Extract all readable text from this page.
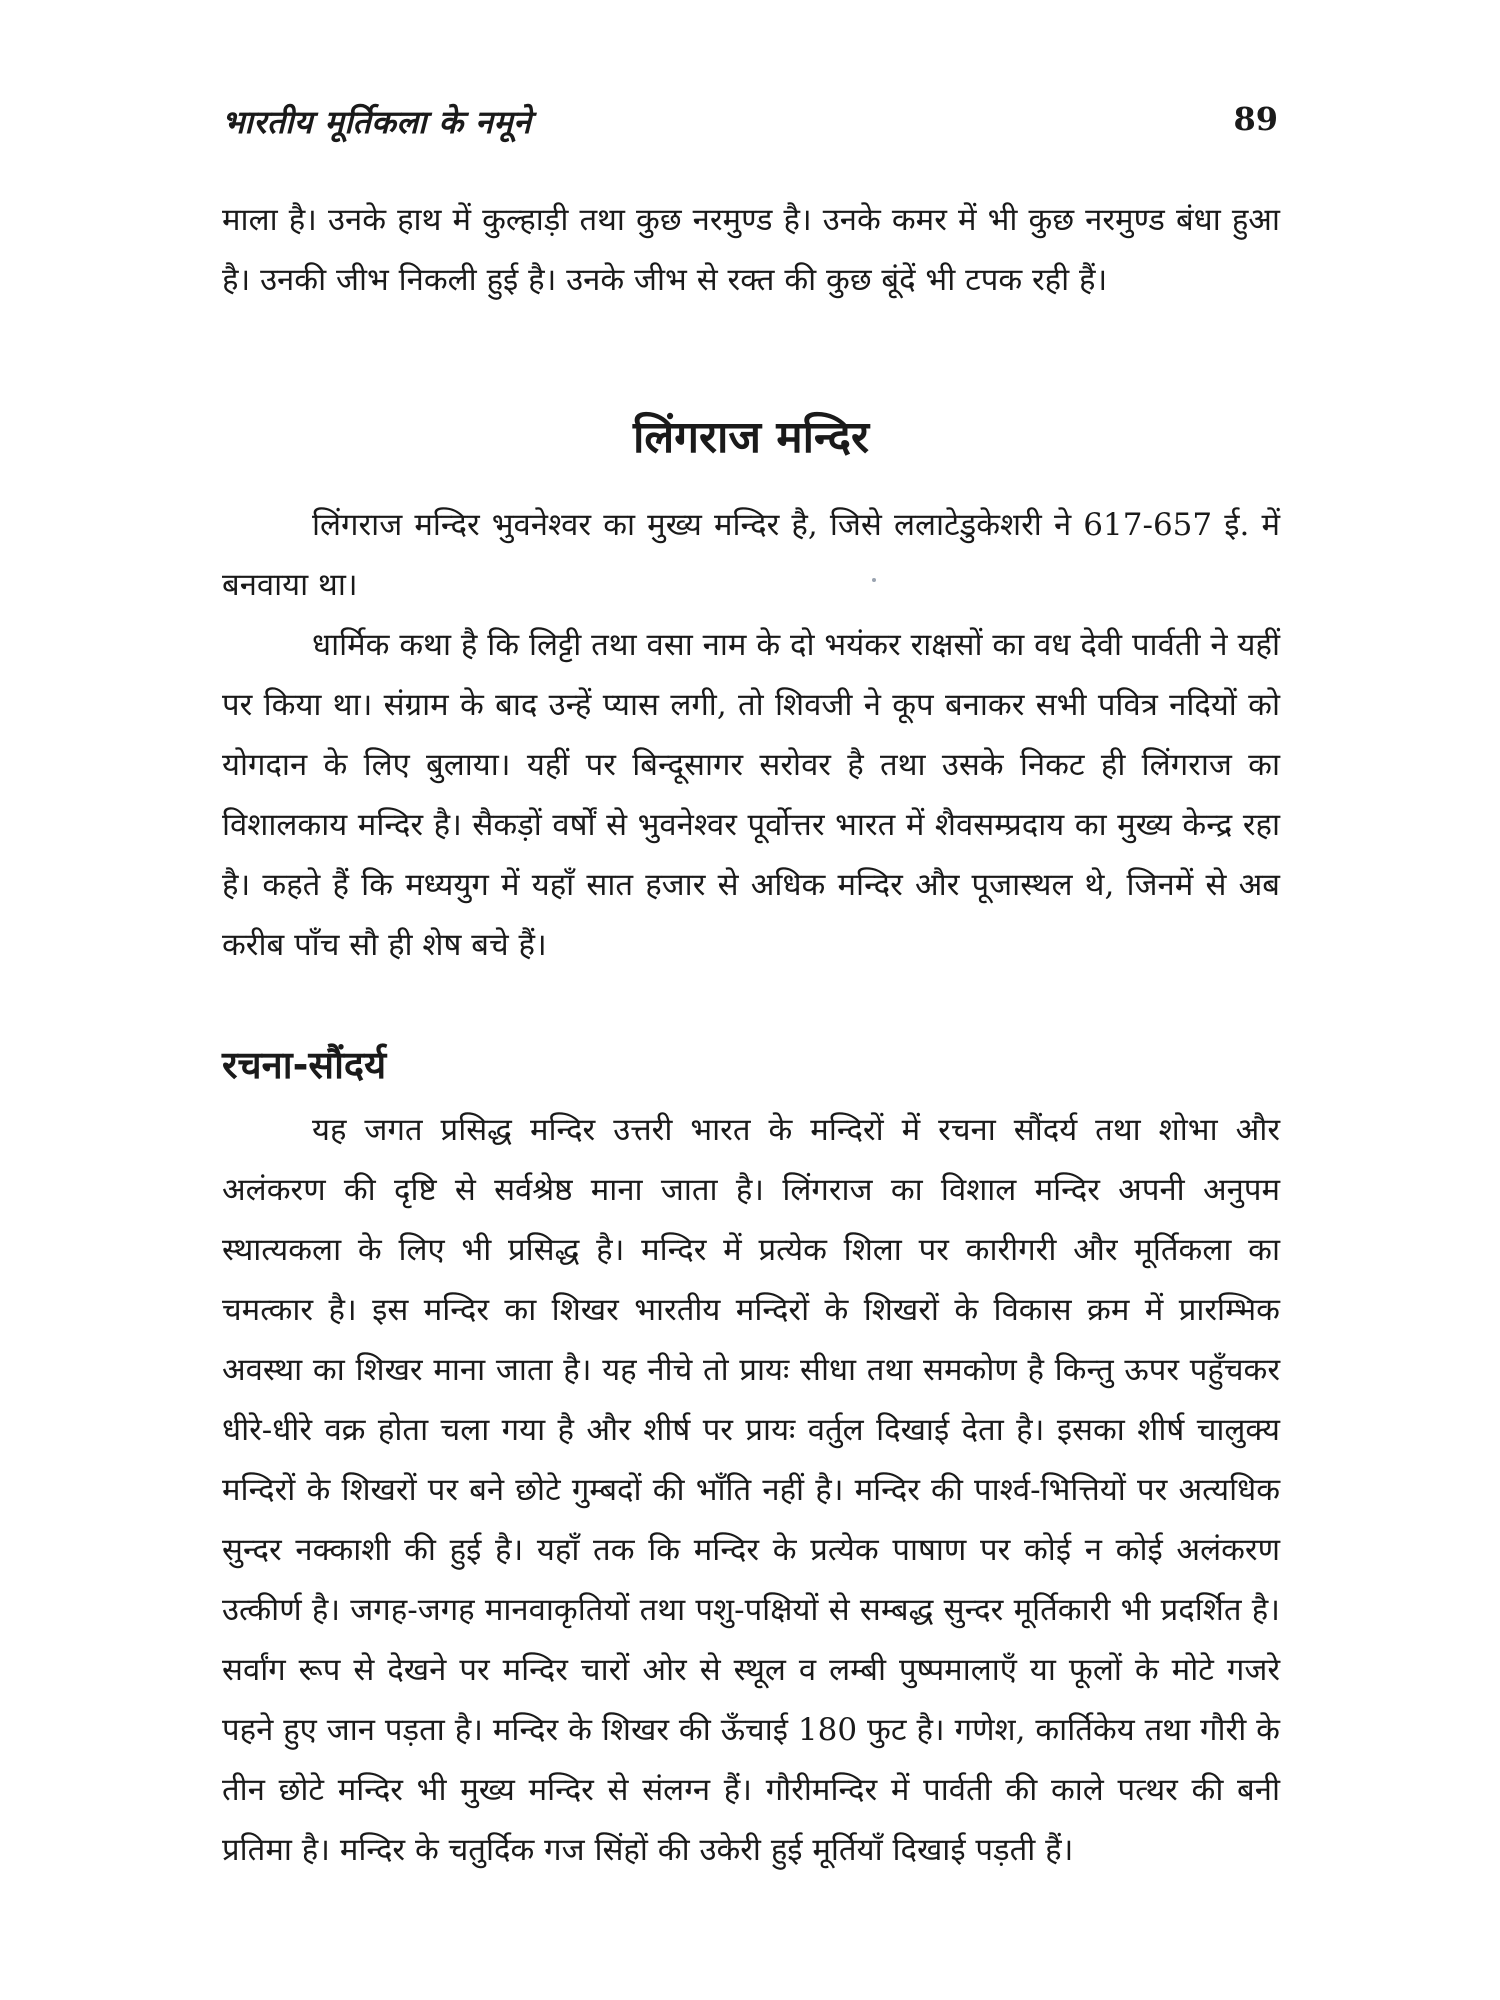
भारतीय मूर्तिकला के नमूने	89

माला है। उनके हाथ में कुल्हाड़ी तथा कुछ नरमुण्ड है। उनके कमर में भी कुछ नरमुण्ड बंधा हुआ है। उनकी जीभ निकली हुई है। उनके जीभ से रक्त की कुछ बूंदें भी टपक रही हैं।

लिंगराज मन्दिर

लिंगराज मन्दिर भुवनेश्वर का मुख्य मन्दिर है, जिसे ललाटेडुकेशरी ने 617-657 ई. में बनवाया था।

धार्मिक कथा है कि लिट्टी तथा वसा नाम के दो भयंकर राक्षसों का वध देवी पार्वती ने यहीं पर किया था। संग्राम के बाद उन्हें प्यास लगी, तो शिवजी ने कूप बनाकर सभी पवित्र नदियों को योगदान के लिए बुलाया। यहीं पर बिन्दूसागर सरोवर है तथा उसके निकट ही लिंगराज का विशालकाय मन्दिर है। सैकड़ों वर्षों से भुवनेश्वर पूर्वोत्तर भारत में शैवसम्प्रदाय का मुख्य केन्द्र रहा है। कहते हैं कि मध्ययुग में यहाँ सात हजार से अधिक मन्दिर और पूजास्थल थे, जिनमें से अब करीब पाँच सौ ही शेष बचे हैं।

रचना-सौंदर्य

यह जगत प्रसिद्ध मन्दिर उत्तरी भारत के मन्दिरों में रचना सौंदर्य तथा शोभा और अलंकरण की दृष्टि से सर्वश्रेष्ठ माना जाता है। लिंगराज का विशाल मन्दिर अपनी अनुपम स्थात्यकला के लिए भी प्रसिद्ध है। मन्दिर में प्रत्येक शिला पर कारीगरी और मूर्तिकला का चमत्कार है। इस मन्दिर का शिखर भारतीय मन्दिरों के शिखरों के विकास क्रम में प्रारम्भिक अवस्था का शिखर माना जाता है। यह नीचे तो प्रायः सीधा तथा समकोण है किन्तु ऊपर पहुँचकर धीरे-धीरे वक्र होता चला गया है और शीर्ष पर प्रायः वर्तुल दिखाई देता है। इसका शीर्ष चालुक्य मन्दिरों के शिखरों पर बने छोटे गुम्बदों की भाँति नहीं है। मन्दिर की पार्श्व-भित्तियों पर अत्यधिक सुन्दर नक्काशी की हुई है। यहाँ तक कि मन्दिर के प्रत्येक पाषाण पर कोई न कोई अलंकरण उत्कीर्ण है। जगह-जगह मानवाकृतियों तथा पशु-पक्षियों से सम्बद्ध सुन्दर मूर्तिकारी भी प्रदर्शित है। सर्वांग रूप से देखने पर मन्दिर चारों ओर से स्थूल व लम्बी पुष्पमालाएँ या फूलों के मोटे गजरे पहने हुए जान पड़ता है। मन्दिर के शिखर की ऊँचाई 180 फुट है। गणेश, कार्तिकेय तथा गौरी के तीन छोटे मन्दिर भी मुख्य मन्दिर से संलग्न हैं। गौरीमन्दिर में पार्वती की काले पत्थर की बनी प्रतिमा है। मन्दिर के चतुर्दिक गज सिंहों की उकेरी हुई मूर्तियाँ दिखाई पड़ती हैं।
